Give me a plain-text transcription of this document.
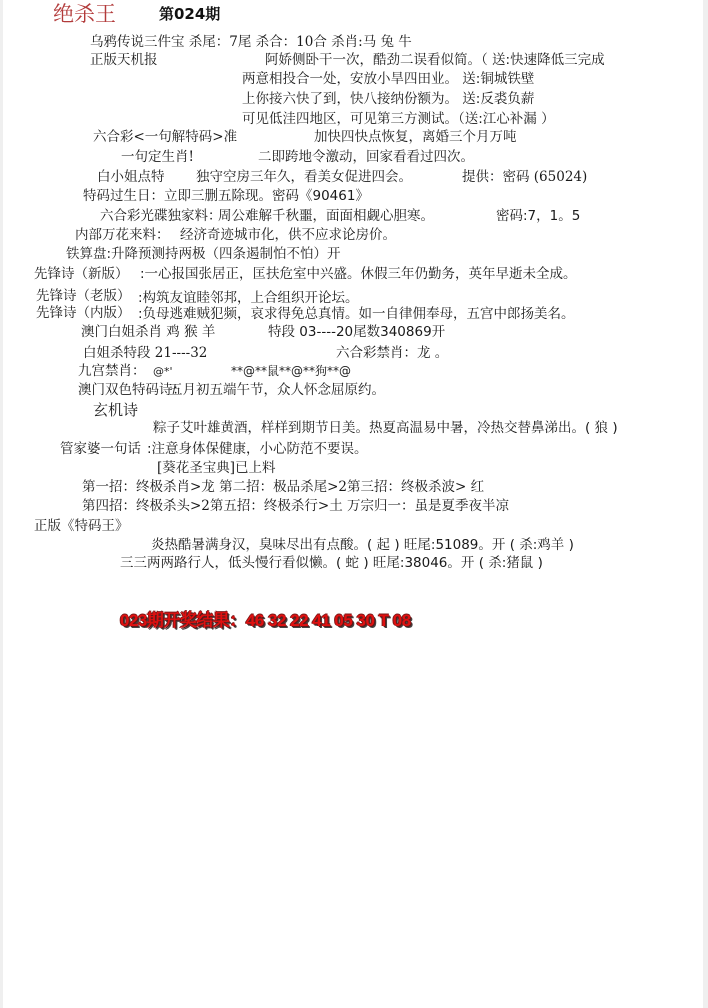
绝杀王	第024期
乌鸦传说三件宝 杀尾：7尾 杀合：10合 杀肖:马 兔 牛
正版天机报	阿娇侧卧干一次，酷劲二误看似简。（ 送:快速降低三完成
两意相投合一处，安放小旱四田业。 送:铜城铁壁
上你接六快了到，快八接纳份额为。 送:反裘负薪
可见低洼四地区，可见第三方测试。（送:江心补漏 ）
六合彩<一句解特码>准	加快四快点恢复，离婚三个月万吨
一句定生肖!	二即跨地令激动，回家看看过四次。
白小姐点特 独守空房三年久，看美女促进四会。	提供：密码 (65024)
特码过生日：立即三删五除现。密码《90461》
六合彩光碟独家料：
周公难解千秋噩，面面相觑心胆寒。	密码:7，1。5
内部万花来料： 经济奇迹城市化，供不应求论房价。
铁算盘:升降预测持两极（四条遏制怕不怕）开
先锋诗（新版） :一心报国张居正，匡扶危室中兴盛。休假三年仍勤务，英年早逝未全成。
先锋诗（老版） :构筑友谊睦邻邦，上合组织开论坛。
先锋诗（内版） :负母逃难贼犯频，哀求得免总真情。如一自律佣奉母，五宫中郎扬美名。
澳门白姐杀肖 鸡 猴 羊	特段 03----20尾数340869开
白姐杀特段 21----32	六合彩禁肖：龙 。
九宫禁肖： @*'	**@**鼠**@**狗**@
澳门双色特码诗：
五月初五端午节，众人怀念屈原约。
玄机诗
粽子艾叶雄黄酒，样样到期节日美。热夏高温易中暑，冷热交替鼻涕出。( 狼 )
管家婆一句话 :注意身体保健康，小心防范不要误。
[葵花圣宝典]已上料
第一招：终极杀肖>龙 第二招：极品杀尾>2第三招：终极杀波> 红
第四招：终极杀头>2第五招：终极杀行>土 万宗归一：虽是夏季夜半凉
正版《特码王》
炎热酷暑满身汉，臭味尽出有点酸。( 起 ) 旺尾:51089。开 ( 杀:鸡羊 )
三三两两路行人，低头慢行看似懒。( 蛇 ) 旺尾:38046。开 ( 杀:猪鼠 )
023期开奖结果：46 32 22 41 05 30 T 08
